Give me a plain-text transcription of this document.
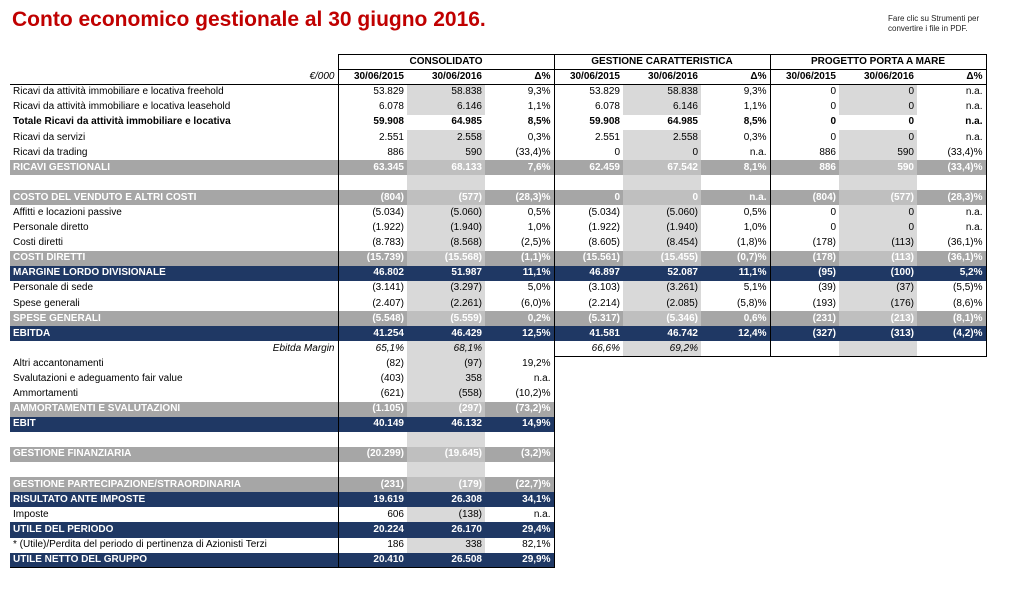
Conto economico gestionale al 30 giugno 2016.	Fare clic su Strumenti per convertire i file in PDF.
	CONSOLIDATO			GESTIONE CARATTERISTICA			PROGETTO PORTA A MARE		
€/000	30/06/2015	30/06/2016	Δ%	30/06/2015	30/06/2016	Δ%	30/06/2015	30/06/2016	Δ%
Ricavi da attività immobiliare e locativa freehold	53.829	58.838	9,3%	53.829	58.838	9,3%	0	0	n.a.
Ricavi da attività immobiliare e locativa leasehold	6.078	6.146	1,1%	6.078	6.146	1,1%	0	0	n.a.
Totale Ricavi da attività immobiliare e locativa	59.908	64.985	8,5%	59.908	64.985	8,5%	0	0	n.a.
Ricavi da servizi	2.551	2.558	0,3%	2.551	2.558	0,3%	0	0	n.a.
Ricavi da trading	886	590	(33,4)%	0	0	n.a.	886	590	(33,4)%
RICAVI GESTIONALI	63.345	68.133	7,6%	62.459	67.542	8,1%	886	590	(33,4)%

COSTO DEL VENDUTO E ALTRI COSTI	(804)	(577)	(28,3)%	0	0	n.a.	(804)	(577)	(28,3)%
Affitti e locazioni passive	(5.034)	(5.060)	0,5%	(5.034)	(5.060)	0,5%	0	0	n.a.
Personale diretto	(1.922)	(1.940)	1,0%	(1.922)	(1.940)	1,0%	0	0	n.a.
Costi diretti	(8.783)	(8.568)	(2,5)%	(8.605)	(8.454)	(1,8)%	(178)	(113)	(36,1)%
COSTI DIRETTI	(15.739)	(15.568)	(1,1)%	(15.561)	(15.455)	(0,7)%	(178)	(113)	(36,1)%
MARGINE LORDO DIVISIONALE	46.802	51.987	11,1%	46.897	52.087	11,1%	(95)	(100)	5,2%
Personale di sede	(3.141)	(3.297)	5,0%	(3.103)	(3.261)	5,1%	(39)	(37)	(5,5)%
Spese generali	(2.407)	(2.261)	(6,0)%	(2.214)	(2.085)	(5,8)%	(193)	(176)	(8,6)%
SPESE GENERALI	(5.548)	(5.559)	0,2%	(5.317)	(5.346)	0,6%	(231)	(213)	(8,1)%
EBITDA	41.254	46.429	12,5%	41.581	46.742	12,4%	(327)	(313)	(4,2)%
Ebitda Margin	65,1%	68,1%		66,6%	69,2%				
Altri accantonamenti	(82)	(97)	19,2%						
Svalutazioni e adeguamento fair value	(403)	358	n.a.						
Ammortamenti	(621)	(558)	(10,2)%						
AMMORTAMENTI E SVALUTAZIONI	(1.105)	(297)	(73,2)%						
EBIT	40.149	46.132	14,9%						

GESTIONE FINANZIARIA	(20.299)	(19.645)	(3,2)%						

GESTIONE PARTECIPAZIONE/STRAORDINARIA	(231)	(179)	(22,7)%						
RISULTATO ANTE IMPOSTE	19.619	26.308	34,1%						
Imposte	606	(138)	n.a.						
UTILE DEL PERIODO	20.224	26.170	29,4%						
* (Utile)/Perdita del periodo di pertinenza di Azionisti Terzi	186	338	82,1%						
UTILE NETTO DEL GRUPPO	20.410	26.508	29,9%						
